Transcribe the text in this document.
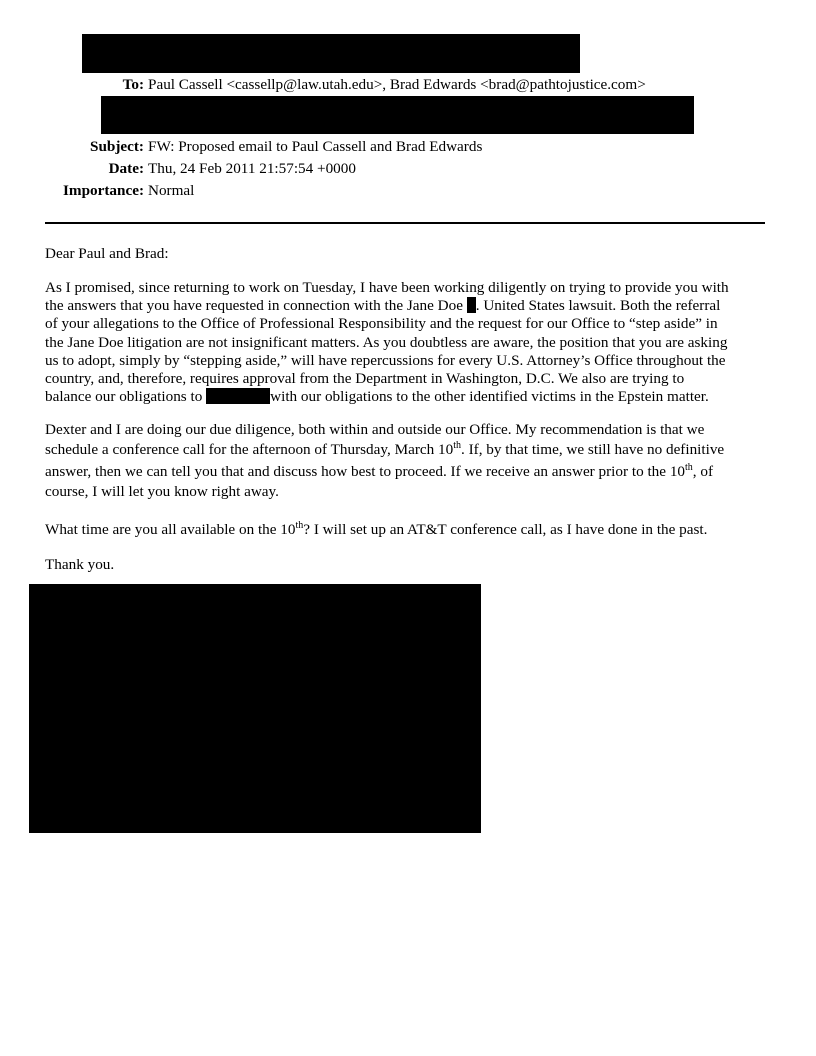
To: Paul Cassell <cassellp@law.utah.edu>, Brad Edwards <brad@pathtojustice.com>
Subject: FW: Proposed email to Paul Cassell and Brad Edwards
Date: Thu, 24 Feb 2011 21:57:54 +0000
Importance: Normal
Dear Paul and Brad:
As I promised, since returning to work on Tuesday, I have been working diligently on trying to provide you with
the answers that you have requested in connection with the Jane Doe . United States lawsuit. Both the referral
of your allegations to the Office of Professional Responsibility and the request for our Office to “step aside” in
the Jane Doe litigation are not insignificant matters. As you doubtless are aware, the position that you are asking
us to adopt, simply by “stepping aside,” will have repercussions for every U.S. Attorney’s Office throughout the
country, and, therefore, requires approval from the Department in Washington, D.C. We also are trying to
balance our obligations to	with our obligations to the other identified victims in the Epstein matter.
Dexter and I are doing our due diligence, both within and outside our Office. My recommendation is that we
schedule a conference call for the afternoon of Thursday, March 10th. If, by that time, we still have no definitive
answer, then we can tell you that and discuss how best to proceed. If we receive an answer prior to the 10th, of
course, I will let you know right away.
What time are you all available on the 10th? I will set up an AT&T conference call, as I have done in the past.
Thank you.
